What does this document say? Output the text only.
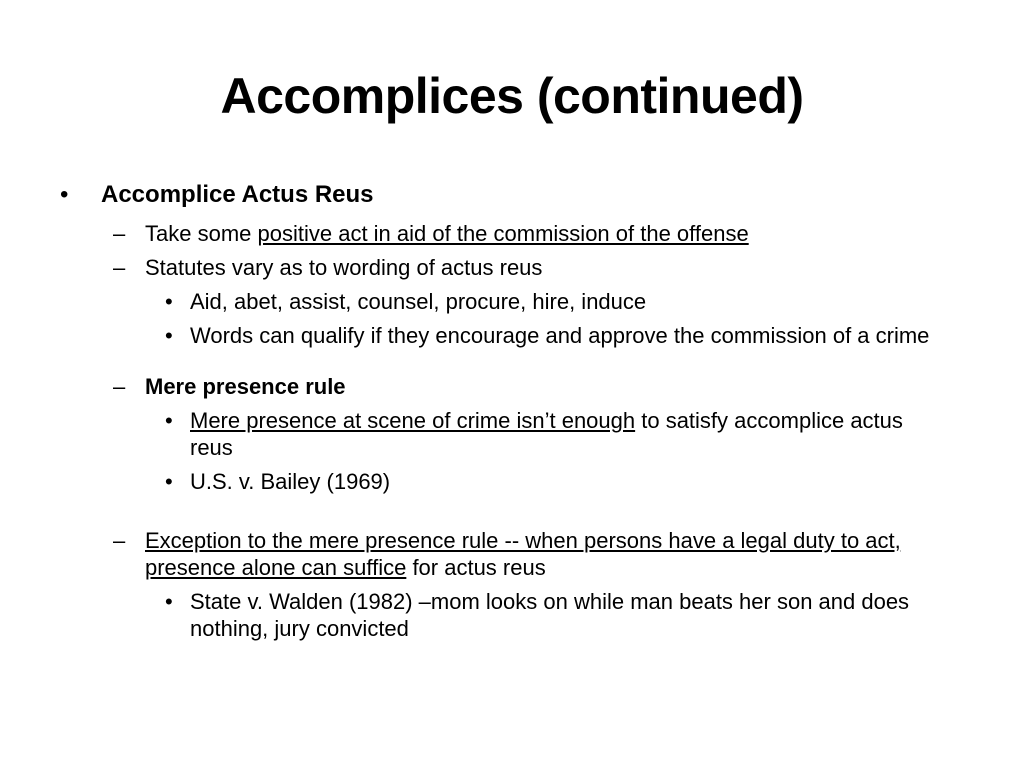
Accomplices (continued)
• Accomplice Actus Reus
– Take some positive act in aid of the commission of the offense
– Statutes vary as to wording of actus reus
• Aid, abet, assist, counsel, procure, hire, induce
• Words can qualify if they encourage and approve the commission of a crime
– Mere presence rule
• Mere presence at scene of crime isn’t enough to satisfy accomplice actus reus
• U.S. v. Bailey (1969)
– Exception to the mere presence rule -- when persons have a legal duty to act, presence alone can suffice for actus reus
• State v. Walden (1982) –mom looks on while man beats her son and does nothing, jury convicted
